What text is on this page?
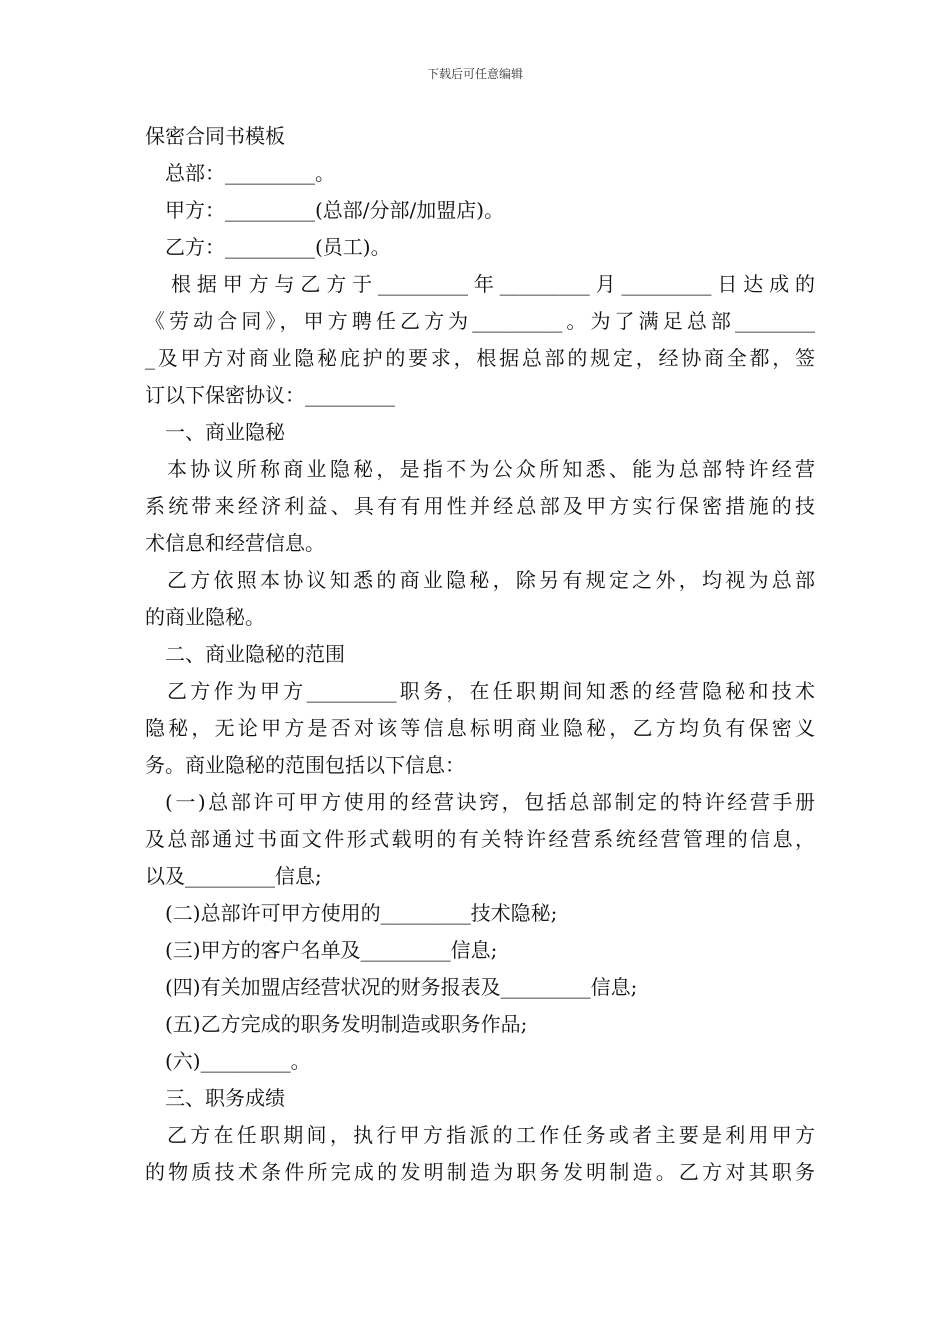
下载后可任意编辑
保密合同书模板
总部：_________。
甲方：_________(总部/分部/加盟店)。
乙方：_________(员工)。
根据甲方与乙方于_________年_________月_________日达成的
《劳动合同》，甲方聘任乙方为_________。为了满足总部________
_及甲方对商业隐秘庇护的要求，根据总部的规定，经协商全都，签
订以下保密协议：_________
一、商业隐秘
本协议所称商业隐秘，是指不为公众所知悉、能为总部特许经营
系统带来经济利益、具有有用性并经总部及甲方实行保密措施的技
术信息和经营信息。
乙方依照本协议知悉的商业隐秘，除另有规定之外，均视为总部
的商业隐秘。
二、商业隐秘的范围
乙方作为甲方_________职务，在任职期间知悉的经营隐秘和技术
隐秘，无论甲方是否对该等信息标明商业隐秘，乙方均负有保密义
务。商业隐秘的范围包括以下信息：
(一)总部许可甲方使用的经营诀窍，包括总部制定的特许经营手册
及总部通过书面文件形式载明的有关特许经营系统经营管理的信息，
以及_________信息;
(二)总部许可甲方使用的_________技术隐秘;
(三)甲方的客户名单及_________信息;
(四)有关加盟店经营状况的财务报表及_________信息;
(五)乙方完成的职务发明制造或职务作品;
(六)_________。
三、职务成绩
乙方在任职期间，执行甲方指派的工作任务或者主要是利用甲方
的物质技术条件所完成的发明制造为职务发明制造。乙方对其职务
